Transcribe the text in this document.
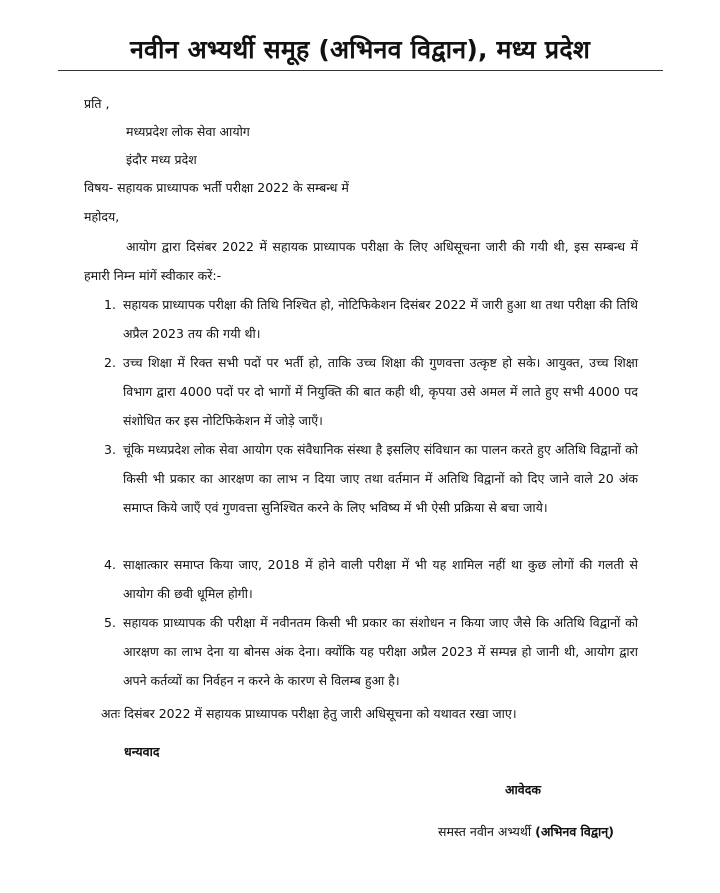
नवीन अभ्यर्थी समूह (अभिनव विद्वान), मध्य प्रदेश
प्रति ,
मध्यप्रदेश लोक सेवा आयोग
इंदौर मध्य प्रदेश
विषय- सहायक प्राध्यापक भर्ती परीक्षा 2022 के सम्बन्ध में
महोदय,
आयोग द्वारा दिसंबर 2022 में सहायक प्राध्यापक परीक्षा के लिए अधिसूचना जारी की गयी थी, इस सम्बन्ध में हमारी निम्न मांगें स्वीकार करें:-
1. सहायक प्राध्यापक परीक्षा की तिथि निश्चित हो, नोटिफिकेशन दिसंबर 2022 में जारी हुआ था तथा परीक्षा की तिथि अप्रैल 2023 तय की गयी थी।
2. उच्च शिक्षा में रिक्त सभी पदों पर भर्ती हो, ताकि उच्च शिक्षा की गुणवत्ता उत्कृष्ट हो सके। आयुक्त, उच्च शिक्षा विभाग द्वारा 4000 पदों पर दो भागों में नियुक्ति की बात कही थी, कृपया उसे अमल में लाते हुए सभी 4000 पद संशोधित कर इस नोटिफिकेशन में जोड़े जाएँ।
3. चूंकि मध्यप्रदेश लोक सेवा आयोग एक संवैधानिक संस्था है इसलिए संविधान का पालन करते हुए अतिथि विद्वानों को किसी भी प्रकार का आरक्षण का लाभ न दिया जाए तथा वर्तमान में अतिथि विद्वानों को दिए जाने वाले 20 अंक समाप्त किये जाएँ एवं गुणवत्ता सुनिश्चित करने के लिए भविष्य में भी ऐसी प्रक्रिया से बचा जाये।
4. साक्षात्कार समाप्त किया जाए, 2018 में होने वाली परीक्षा में भी यह शामिल नहीं था कुछ लोगों की गलती से आयोग की छवी धूमिल होगी।
5. सहायक प्राध्यापक की परीक्षा में नवीनतम किसी भी प्रकार का संशोधन न किया जाए जैसे कि अतिथि विद्वानों को आरक्षण का लाभ देना या बोनस अंक देना। क्योंकि यह परीक्षा अप्रैल 2023 में सम्पन्न हो जानी थी, आयोग द्वारा अपने कर्तव्यों का निर्वहन न करने के कारण से विलम्ब हुआ है।
अतः दिसंबर 2022 में सहायक प्राध्यापक परीक्षा हेतु जारी अधिसूचना को यथावत रखा जाए।
धन्यवाद
आवेदक
समस्त नवीन अभ्यर्थी (अभिनव विद्वान्)
